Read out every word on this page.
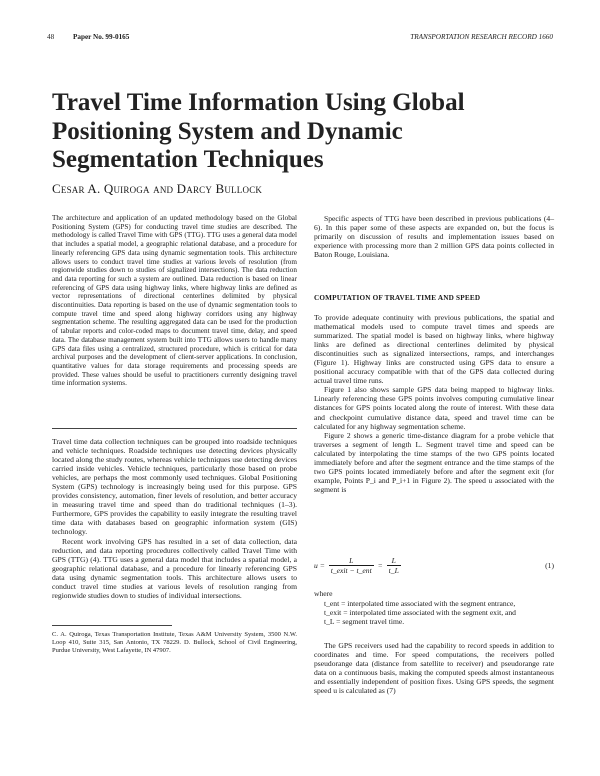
48	Paper No. 99-0165	TRANSPORTATION RESEARCH RECORD 1660
Travel Time Information Using Global Positioning System and Dynamic Segmentation Techniques
Cesar A. Quiroga and Darcy Bullock
The architecture and application of an updated methodology based on the Global Positioning System (GPS) for conducting travel time studies are described. The methodology is called Travel Time with GPS (TTG). TTG uses a general data model that includes a spatial model, a geographic relational database, and a procedure for linearly referencing GPS data using dynamic segmentation tools. This architecture allows users to conduct travel time studies at various levels of resolution (from regionwide studies down to studies of signalized intersections). The data reduction and data reporting for such a system are outlined. Data reduction is based on linear referencing of GPS data using highway links, where highway links are defined as vector representations of directional centerlines delimited by physical discontinuities. Data reporting is based on the use of dynamic segmentation tools to compute travel time and speed along highway corridors using any highway segmentation scheme. The resulting aggregated data can be used for the production of tabular reports and color-coded maps to document travel time, delay, and speed data. The database management system built into TTG allows users to handle many GPS data files using a centralized, structured procedure, which is critical for data archival purposes and the development of client-server applications. In conclusion, quantitative values for data storage requirements and processing speeds are provided. These values should be useful to practitioners currently designing travel time information systems.

Travel time data collection techniques can be grouped into roadside techniques and vehicle techniques. Roadside techniques use detecting devices physically located along the study routes, whereas vehicle techniques use detecting devices carried inside vehicles. Vehicle techniques, particularly those based on probe vehicles, are perhaps the most commonly used techniques. Global Positioning System (GPS) technology is increasingly being used for this purpose. GPS provides consistency, automation, finer levels of resolution, and better accuracy in measuring travel time and speed than do traditional techniques (1–3). Furthermore, GPS provides the capability to easily integrate the resulting travel time data with databases based on geographic information system (GIS) technology.

Recent work involving GPS has resulted in a set of data collection, data reduction, and data reporting procedures collectively called Travel Time with GPS (TTG) (4). TTG uses a general data model that includes a spatial model, a geographic relational database, and a procedure for linearly referencing GPS data using dynamic segmentation tools. This architecture allows users to conduct travel time studies at various levels of resolution ranging from regionwide studies down to studies of individual intersections.

C. A. Quiroga, Texas Transportation Institute, Texas A&M University System, 3500 N.W. Loop 410, Suite 315, San Antonio, TX 78229. D. Bullock, School of Civil Engineering, Purdue University, West Lafayette, IN 47907.

Specific aspects of TTG have been described in previous publications (4–6). In this paper some of these aspects are expanded on, but the focus is primarily on discussion of results and implementation issues based on experience with processing more than 2 million GPS data points collected in Baton Rouge, Louisiana.

COMPUTATION OF TRAVEL TIME AND SPEED

To provide adequate continuity with previous publications, the spatial and mathematical models used to compute travel times and speeds are summarized. The spatial model is based on highway links, where highway links are defined as directional centerlines delimited by physical discontinuities such as signalized intersections, ramps, and interchanges (Figure 1). Highway links are constructed using GPS data to ensure a positional accuracy compatible with that of the GPS data collected during actual travel time runs.

Figure 1 also shows sample GPS data being mapped to highway links. Linearly referencing these GPS points involves computing cumulative linear distances for GPS points located along the route of interest. With these data and checkpoint cumulative distance data, speed and travel time can be calculated for any highway segmentation scheme.

Figure 2 shows a generic time-distance diagram for a probe vehicle that traverses a segment of length L. Segment travel time and speed can be calculated by interpolating the time stamps of the two GPS points located immediately before and after the segment entrance and the time stamps of the two GPS points located immediately before and after the segment exit (for example, Points P_i and P_i+1 in Figure 2). The speed u associated with the segment is

$u = \frac{L}{\text{t\_exit − t\_ent}} = \frac{L}{t\_L}$	(1)
where
t_ent = interpolated time associated with the segment entrance,
t_exit = interpolated time associated with the segment exit, and
t_L = segment travel time.

The GPS receivers used had the capability to record speeds in addition to coordinates and time. For speed computations, the receivers polled pseudorange data (distance from satellite to receiver) and pseudorange rate data on a continuous basis, making the computed speeds almost instantaneous and essentially independent of position fixes. Using GPS speeds, the segment speed u is calculated as (7)
